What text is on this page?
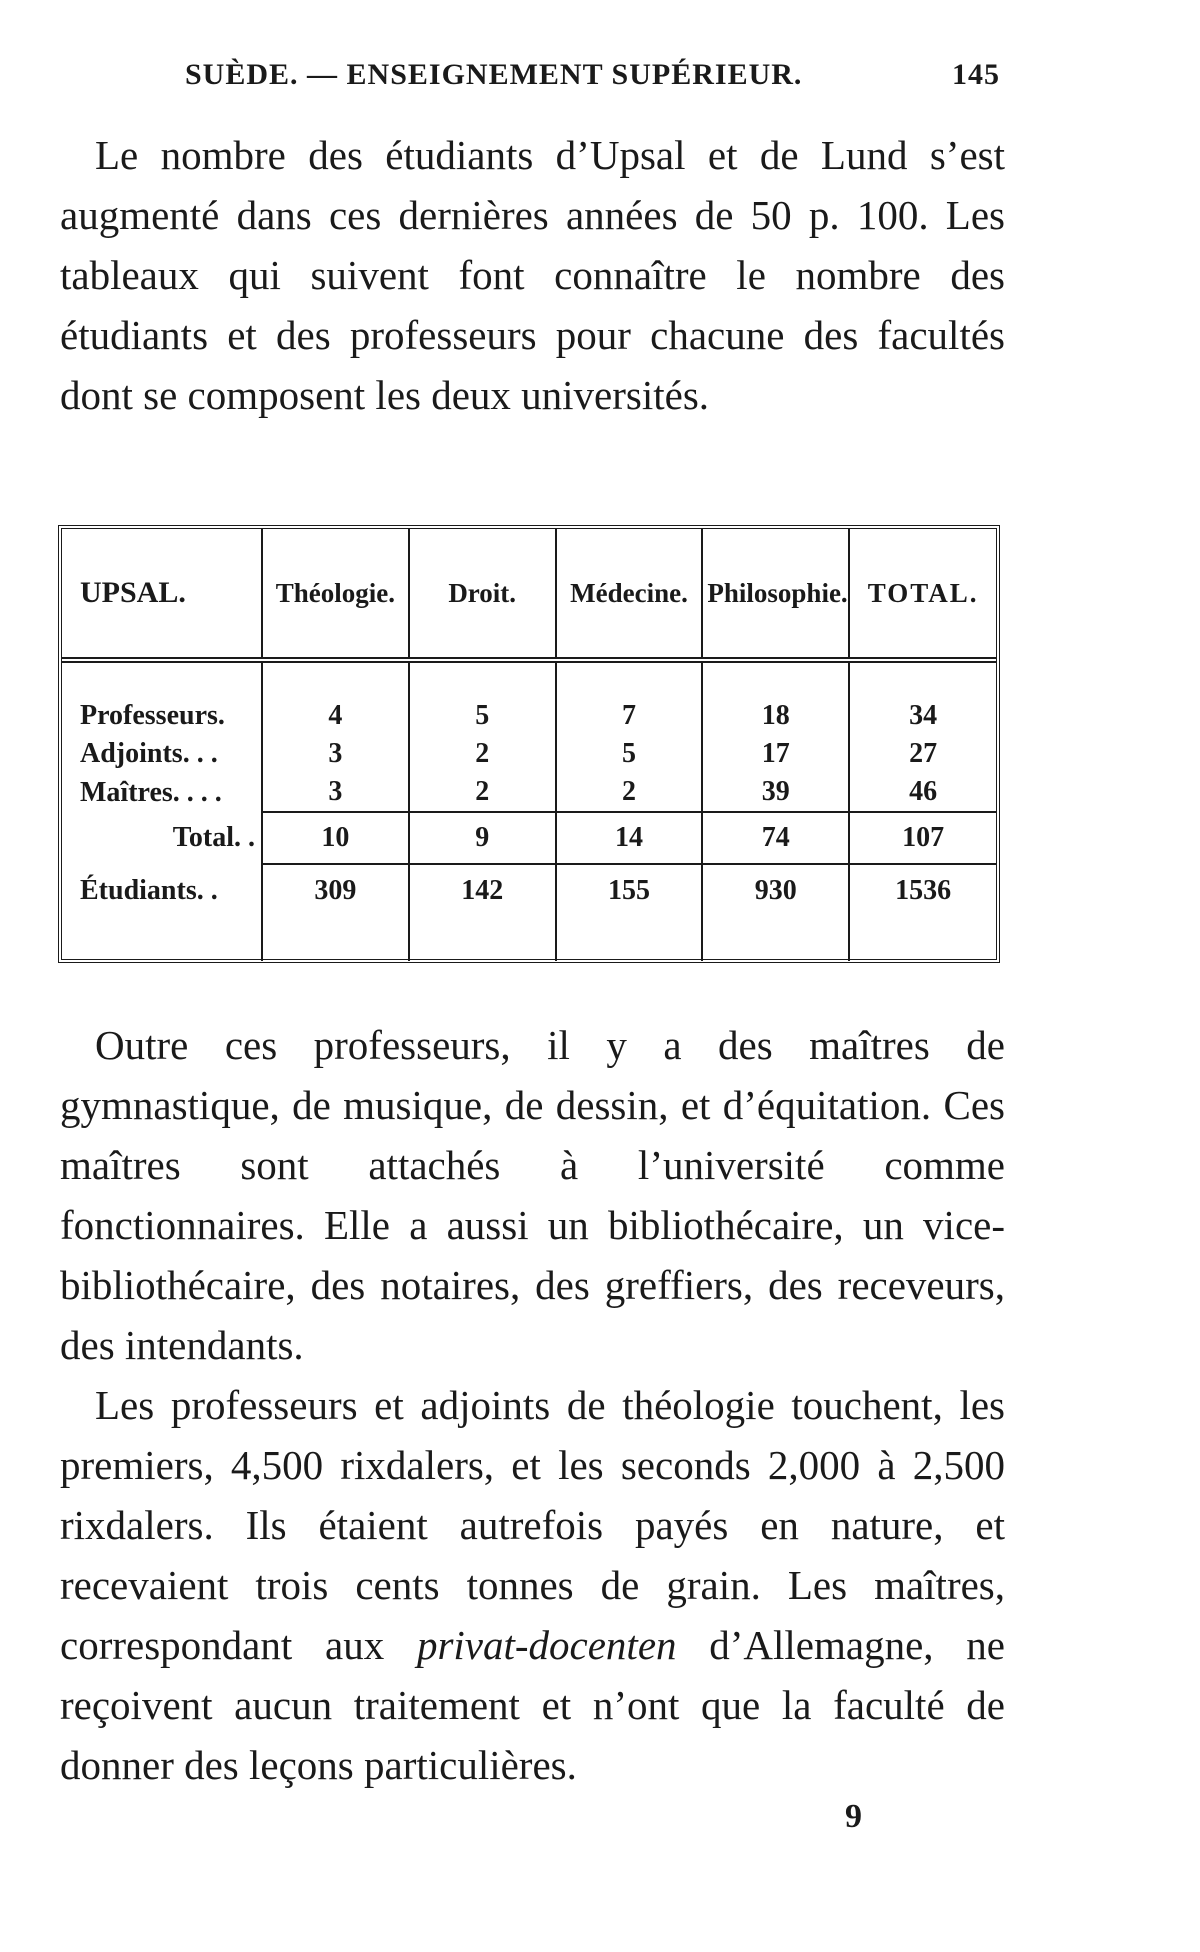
SUÈDE. — ENSEIGNEMENT SUPÉRIEUR.	145

Le nombre des étudiants d’Upsal et de Lund s’est augmenté dans ces dernières années de 50 p. 100. Les tableaux qui suivent font connaître le nombre des étudiants et des professeurs pour chacune des facultés dont se composent les deux universités.

UPSAL.	Théologie.	Droit.	Médecine.	Philosophie.	TOTAL.
Professeurs.	4	5	7	18	34
Adjoints. . .	3	2	5	17	27
Maîtres. . . .	3	2	2	39	46
Total. .	10	9	14	74	107
Étudiants. .	309	142	155	930	1536

Outre ces professeurs, il y a des maîtres de gymnastique, de musique, de dessin, et d’équitation. Ces maîtres sont attachés à l’université comme fonctionnaires. Elle a aussi un bibliothécaire, un vice-bibliothécaire, des notaires, des greffiers, des receveurs, des intendants.

Les professeurs et adjoints de théologie touchent, les premiers, 4,500 rixdalers, et les seconds 2,000 à 2,500 rixdalers. Ils étaient autrefois payés en nature, et recevaient trois cents tonnes de grain. Les maîtres, correspondant aux privat-docenten d’Allemagne, ne reçoivent aucun traitement et n’ont que la faculté de donner des leçons particulières.

9
